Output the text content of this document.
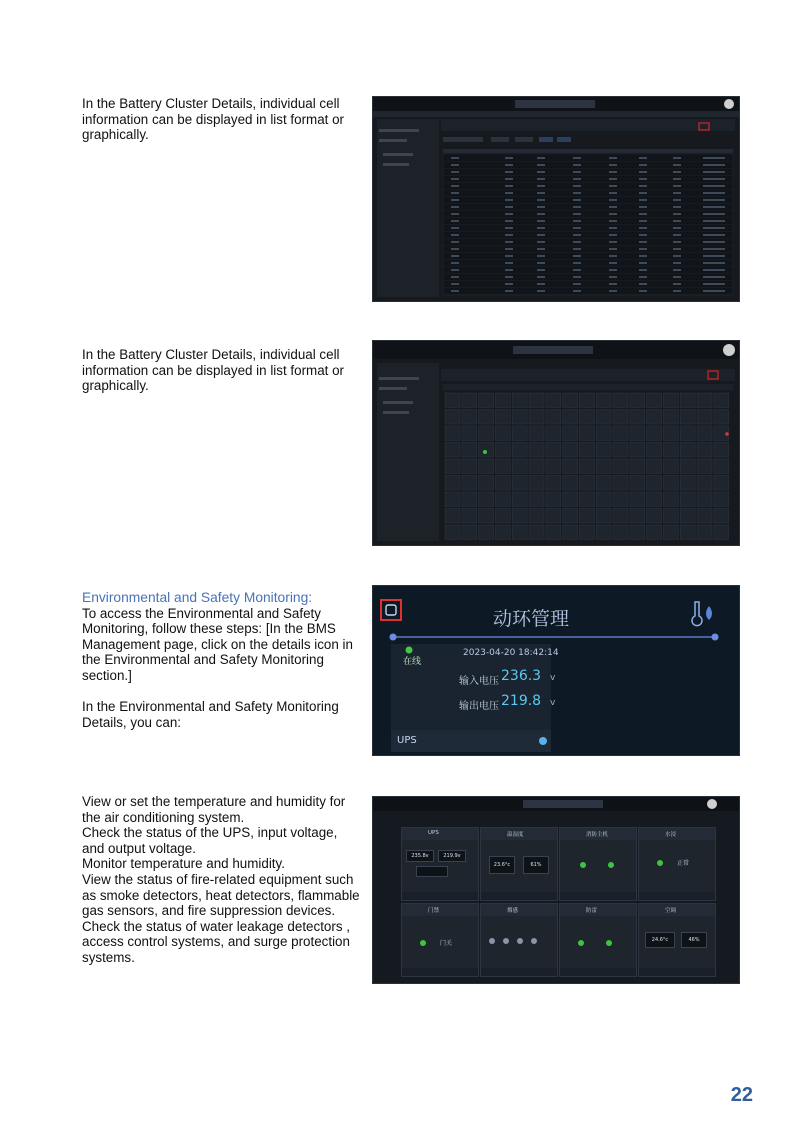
In the Battery Cluster Details, individual cell information can be displayed in list format or graphically.

In the Battery Cluster Details, individual cell information can be displayed in list format or graphically.

Environmental and Safety Monitoring:

To access the Environmental and Safety Monitoring, follow these steps: [In the BMS Management page, click on the details icon in the Environmental and Safety Monitoring section.]

In the Environmental and Safety Monitoring Details, you can:

动环管理
在线
2023-04-20 18:42:14
输入电压 236.3 v
输出电压 219.8 v
UPS

View or set the temperature and humidity for the air conditioning system.

Check the status of the UPS, input voltage, and output voltage.

Monitor temperature and humidity.

View the status of fire-related equipment such as smoke detectors, heat detectors, flammable gas sensors, and fire suppression devices.

Check the status of water leakage detectors , access control systems, and surge protection systems.

UPS
235.8v	219.9v
温湿度
23.6°c	61%
消防主机	水浸
正常
门禁
门关
烟感	防雷	空调
24.6°c	46%
22
